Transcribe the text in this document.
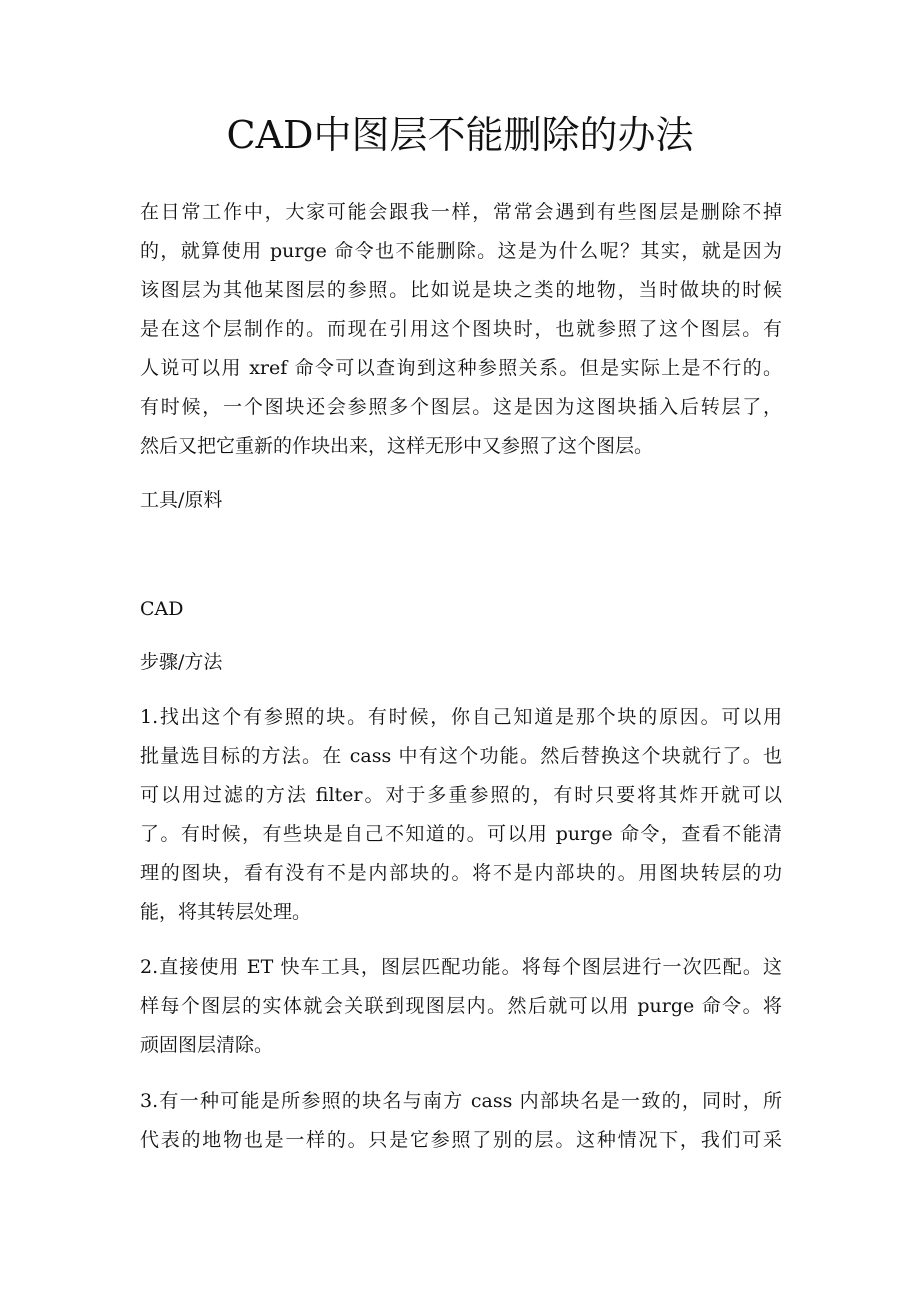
CAD中图层不能删除的办法
在日常工作中，大家可能会跟我一样，常常会遇到有些图层是删除不掉
的，就算使用 purge 命令也不能删除。这是为什么呢？其实，就是因为
该图层为其他某图层的参照。比如说是块之类的地物，当时做块的时候
是在这个层制作的。而现在引用这个图块时，也就参照了这个图层。有
人说可以用 xref 命令可以查询到这种参照关系。但是实际上是不行的。
有时候，一个图块还会参照多个图层。这是因为这图块插入后转层了，
然后又把它重新的作块出来，这样无形中又参照了这个图层。
工具/原料
CAD
步骤/方法
1.找出这个有参照的块。有时候，你自己知道是那个块的原因。可以用
批量选目标的方法。在 cass 中有这个功能。然后替换这个块就行了。也
可以用过滤的方法 filter。对于多重参照的，有时只要将其炸开就可以
了。有时候，有些块是自己不知道的。可以用 purge 命令，查看不能清
理的图块，看有没有不是内部块的。将不是内部块的。用图块转层的功
能，将其转层处理。
2.直接使用 ET 快车工具，图层匹配功能。将每个图层进行一次匹配。这
样每个图层的实体就会关联到现图层内。然后就可以用 purge 命令。将
顽固图层清除。
3.有一种可能是所参照的块名与南方 cass 内部块名是一致的，同时，所
代表的地物也是一样的。只是它参照了别的层。这种情况下，我们可采
